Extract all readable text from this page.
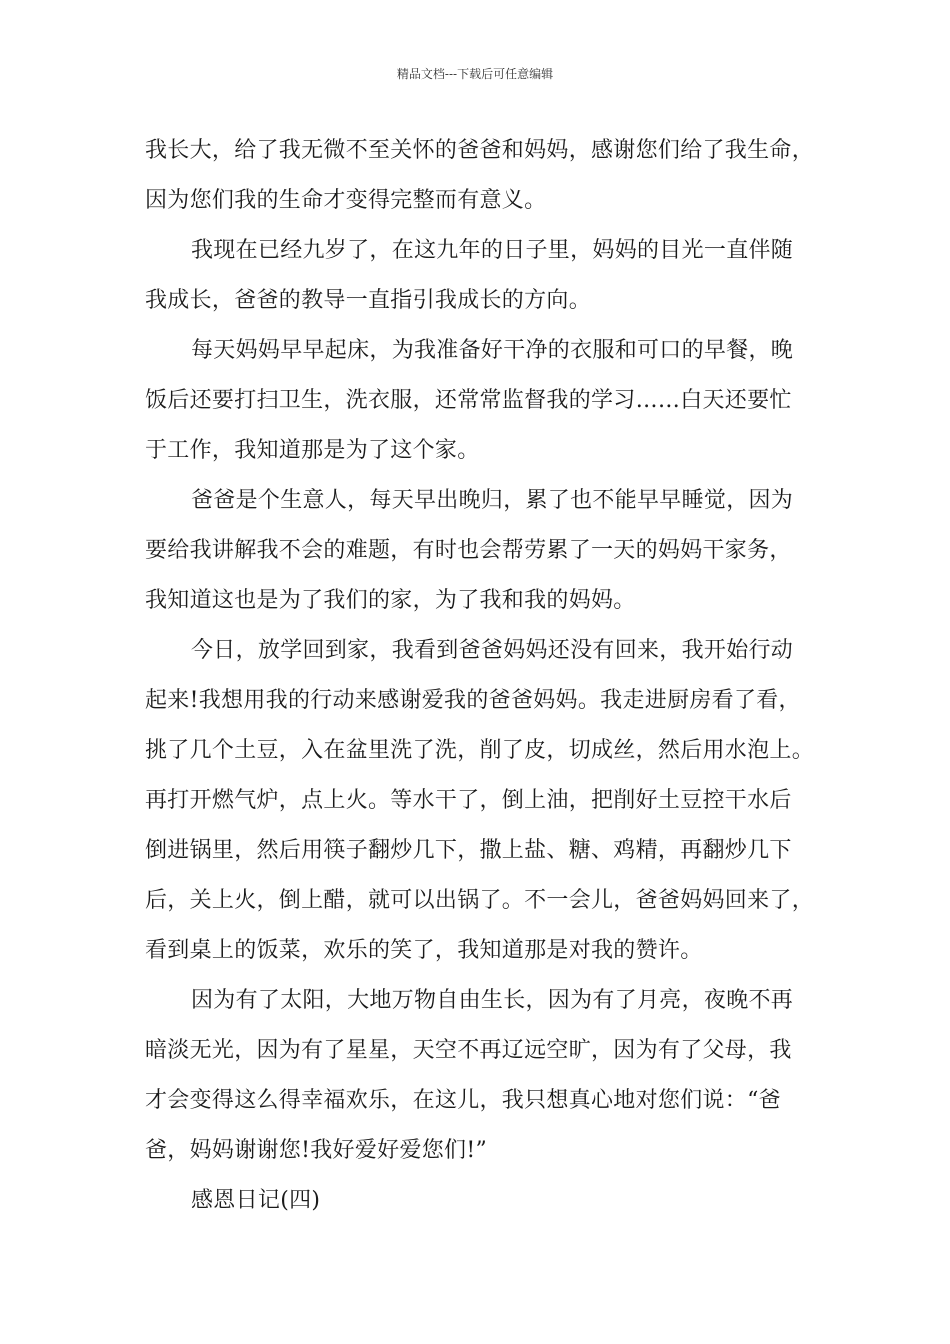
精品文档---下载后可任意编辑
我长大，给了我无微不至关怀的爸爸和妈妈，感谢您们给了我生命，
因为您们我的生命才变得完整而有意义。
我现在已经九岁了，在这九年的日子里，妈妈的目光一直伴随
我成长，爸爸的教导一直指引我成长的方向。
每天妈妈早早起床，为我准备好干净的衣服和可口的早餐，晚
饭后还要打扫卫生，洗衣服，还常常监督我的学习……白天还要忙
于工作，我知道那是为了这个家。
爸爸是个生意人，每天早出晚归，累了也不能早早睡觉，因为
要给我讲解我不会的难题，有时也会帮劳累了一天的妈妈干家务，
我知道这也是为了我们的家，为了我和我的妈妈。
今日，放学回到家，我看到爸爸妈妈还没有回来，我开始行动
起来!我想用我的行动来感谢爱我的爸爸妈妈。我走进厨房看了看，
挑了几个土豆，入在盆里洗了洗，削了皮，切成丝，然后用水泡上。
再打开燃气炉，点上火。等水干了，倒上油，把削好土豆控干水后
倒进锅里，然后用筷子翻炒几下，撒上盐、糖、鸡精，再翻炒几下
后，关上火，倒上醋，就可以出锅了。不一会儿，爸爸妈妈回来了，
看到桌上的饭菜，欢乐的笑了，我知道那是对我的赞许。
因为有了太阳，大地万物自由生长，因为有了月亮，夜晚不再
暗淡无光，因为有了星星，天空不再辽远空旷，因为有了父母，我
才会变得这么得幸福欢乐，在这儿，我只想真心地对您们说：“爸
爸，妈妈谢谢您!我好爱好爱您们!”
感恩日记(四)
